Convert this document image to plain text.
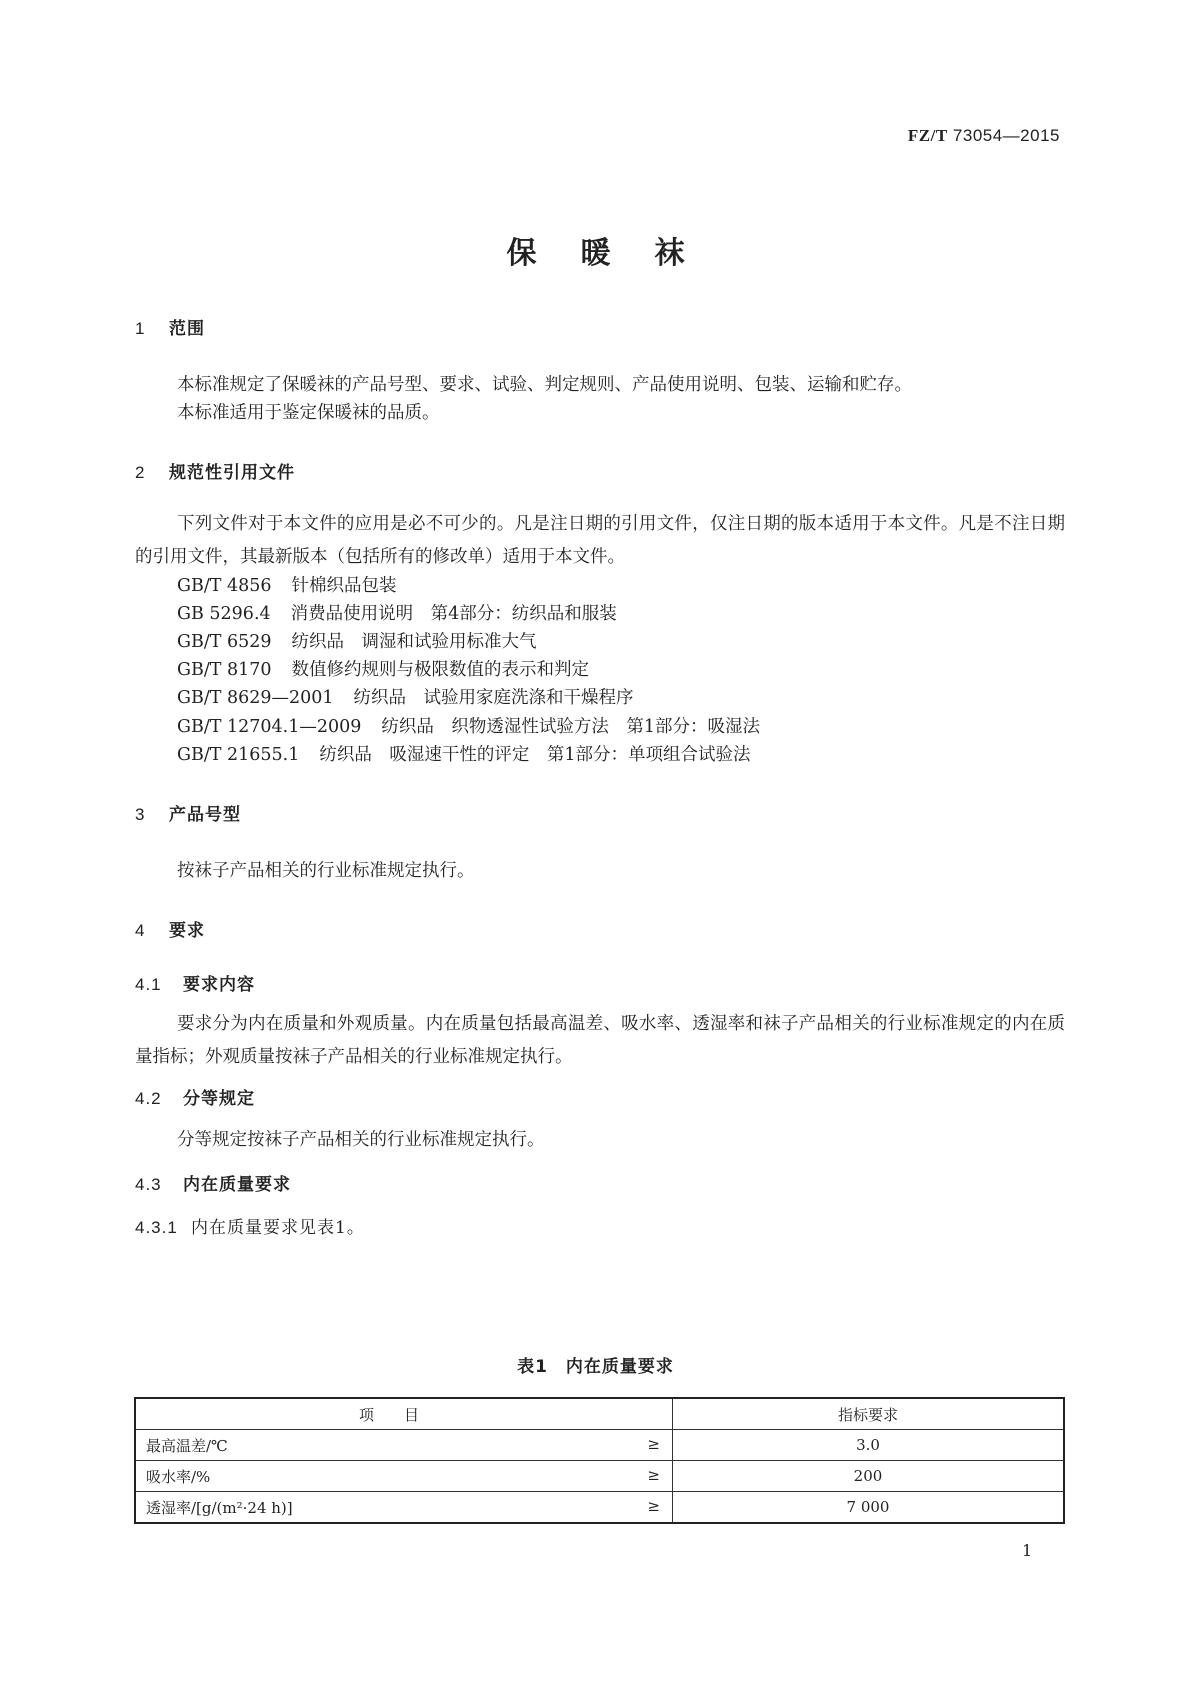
FZ/T 73054—2015
保暖袜
1 范围
本标准规定了保暖袜的产品号型、要求、试验、判定规则、产品使用说明、包装、运输和贮存。
本标准适用于鉴定保暖袜的品质。
2 规范性引用文件
下列文件对于本文件的应用是必不可少的。凡是注日期的引用文件，仅注日期的版本适用于本文件。凡是不注日期的引用文件，其最新版本（包括所有的修改单）适用于本文件。
GB/T 4856 针棉织品包装
GB 5296.4 消费品使用说明　第4部分：纺织品和服装
GB/T 6529 纺织品　调湿和试验用标准大气
GB/T 8170 数值修约规则与极限数值的表示和判定
GB/T 8629—2001 纺织品　试验用家庭洗涤和干燥程序
GB/T 12704.1—2009 纺织品　织物透湿性试验方法　第1部分：吸湿法
GB/T 21655.1 纺织品　吸湿速干性的评定　第1部分：单项组合试验法
3 产品号型
按袜子产品相关的行业标准规定执行。
4 要求
4.1 要求内容
要求分为内在质量和外观质量。内在质量包括最高温差、吸水率、透湿率和袜子产品相关的行业标准规定的内在质量指标；外观质量按袜子产品相关的行业标准规定执行。
4.2 分等规定
分等规定按袜子产品相关的行业标准规定执行。
4.3 内在质量要求
4.3.1 内在质量要求见表1。
表1　内在质量要求
项目	指标要求
最高温差/℃ ≥	3.0
吸水率/% ≥	200
透湿率/[g/(m²·24 h)] ≥	7 000
1
